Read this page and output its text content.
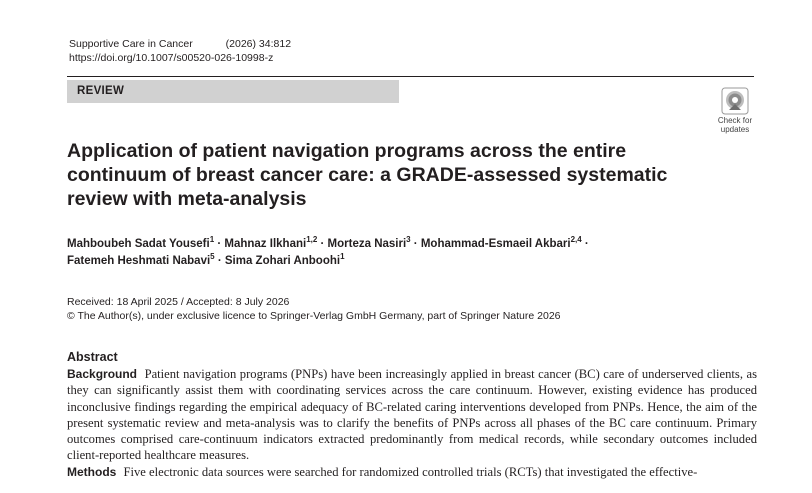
Supportive Care in Cancer	(2026) 34:812
https://doi.org/10.1007/s00520-026-10998-z
REVIEW
Check for updates
Application of patient navigation programs across the entire continuum of breast cancer care: a GRADE-assessed systematic review with meta-analysis
Mahboubeh Sadat Yousefi$^1$ · Mahnaz Ilkhani$^{1,2}$ · Morteza Nasiri$^3$ · Mohammad-Esmaeil Akbari$^{2,4}$ ·
Fatemeh Heshmati Nabavi$^5$ · Sima Zohari Anboohi$^1$
Received: 18 April 2025 / Accepted: 8 July 2026
© The Author(s), under exclusive licence to Springer-Verlag GmbH Germany, part of Springer Nature 2026
Abstract

Background Patient navigation programs (PNPs) have been increasingly applied in breast cancer (BC) care of underserved clients, as they can significantly assist them with coordinating services across the care continuum. However, existing evidence has produced inconclusive findings regarding the empirical adequacy of BC-related caring interventions developed from PNPs. Hence, the aim of the present systematic review and meta-analysis was to clarify the benefits of PNPs across all phases of the BC care continuum. Primary outcomes comprised care-continuum indicators extracted predominantly from medical records, while secondary outcomes included client-reported healthcare measures.

Methods Five electronic data sources were searched for randomized controlled trials (RCTs) that investigated the effective-
